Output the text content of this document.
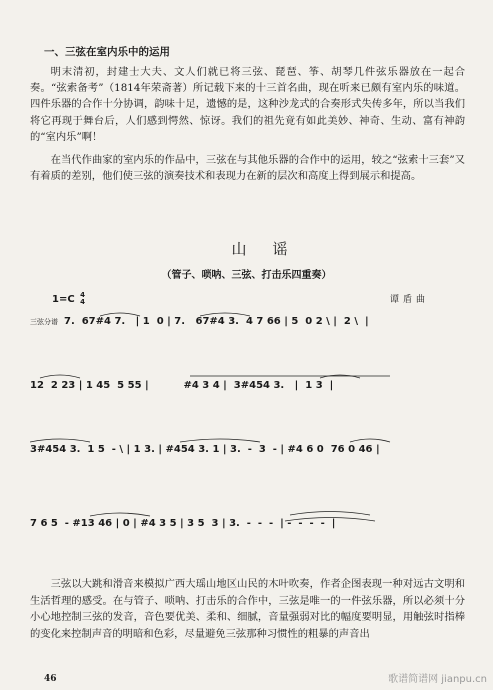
一、三弦在室内乐中的运用

明末清初，封建士大夫、文人们就已将三弦、琵琶、筝、胡琴几件弦乐器放在一起合奏。“弦索备考”（1814年荣斋著）所记载下来的十三首名曲，现在听来已颇有室内乐的味道。四件乐器的合作十分协调，韵味十足，遗憾的是，这种沙龙式的合奏形式失传多年，所以当我们将它再现于舞台后，人们感到愕然、惊讶。我们的祖先竟有如此美妙、神奇、生动、富有神韵的“室内乐”啊！

在当代作曲家的室内乐的作品中，三弦在与其他乐器的合作中的运用，较之“弦索十三套”又有着质的差别，他们使三弦的演奏技术和表现力在新的层次和高度上得到展示和提高。

山谣
（管子、唢呐、三弦、打击乐四重奏）
1=C 4
4	谭盾曲

三弦分谱 7.  67#4 7.   | 1  0 | 7.   67#4 3.  4 7 66 | 5  0 2 \ |  2 \  |

12  2 23 | 1 45  5 55 |          #4 3 4 |  3#454 3.   |  1 3  |

3#454 3.  1 5  - \ | 1 3. | #454 3. 1 | 3.  -  3  - | #4 6 0  76 0 46 |

7 6 5  - #13 46 | 0 | #4 3 5 | 3 5  3 | 3.  -  -  -  | -  -  -  -  |

三弦以大跳和滑音来模拟广西大瑶山地区山民的木叶吹奏，作者企图表现一种对远古文明和生活哲理的感受。在与管子、唢呐、打击乐的合作中，三弦是唯一的一件弦乐器，所以必须十分小心地控制三弦的发音，音色要优美、柔和、细腻，音量强弱对比的幅度要明显，用触弦时指棒的变化来控制声音的明暗和色彩，尽量避免三弦那种习惯性的粗暴的声音出

46	歌谱简谱网 jianpu.cn
